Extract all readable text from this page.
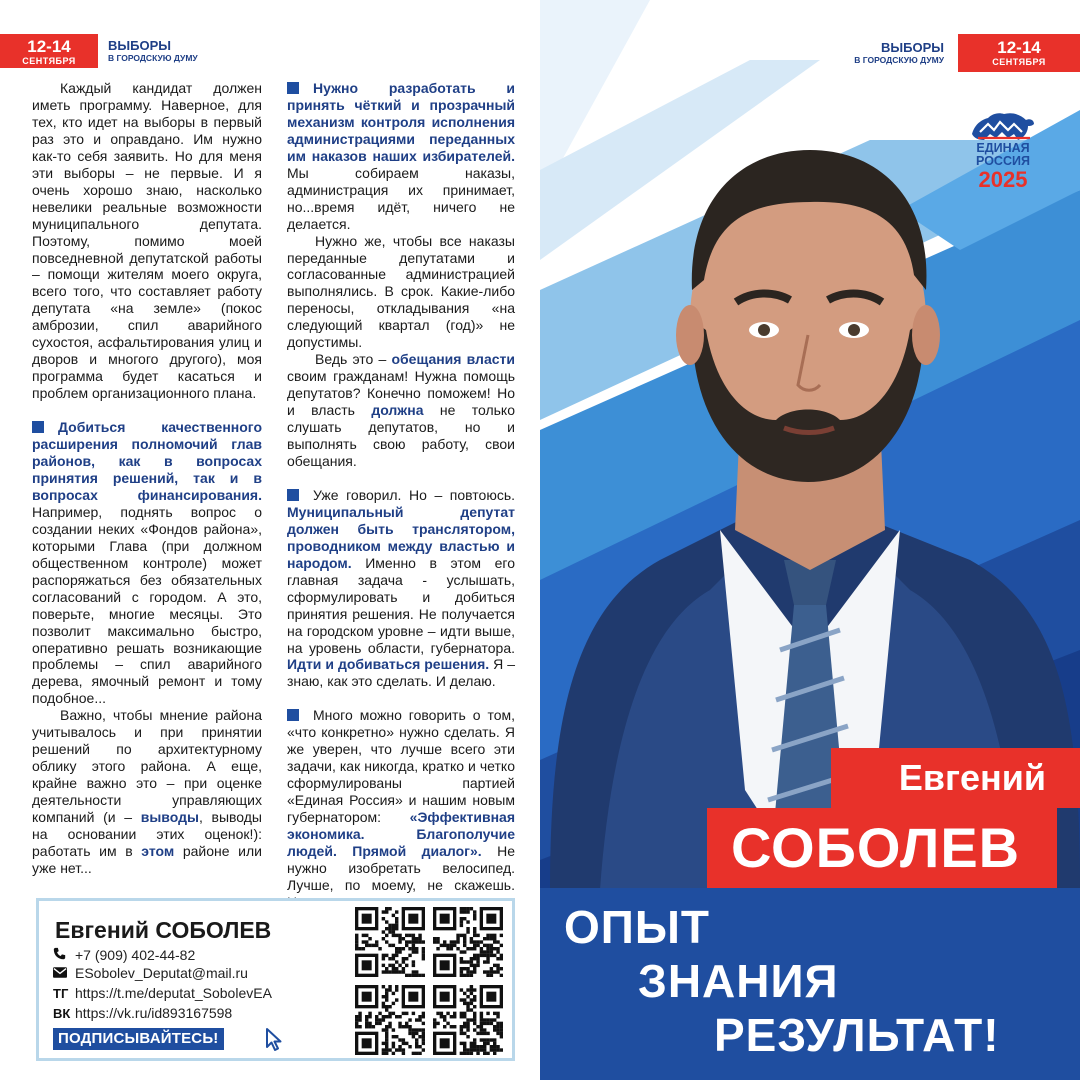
12-14
СЕНТЯБРЯ
ВЫБОРЫ
В ГОРОДСКУЮ ДУМУ

Каждый кандидат должен иметь программу. Наверное, для тех, кто идет на выборы в первый раз это и оправдано. Им нужно как-то себя заявить. Но для меня эти выборы – не первые. И я очень хорошо знаю, насколько невелики реальные возможности муниципального депутата. Поэтому, помимо моей повседневной депутатской работы – помощи жителям моего округа, всего того, что составляет работу депутата «на земле» (покос амброзии, спил аварийного сухостоя, асфальтирования улиц и дворов и многого другого), моя программа будет касаться и проблем организационного плана.

Добиться качественного расширения полномочий глав районов, как в вопросах принятия решений, так и в вопросах финансирования. Например, поднять вопрос о создании неких «Фондов района», которыми Глава (при должном общественном контроле) может распоряжаться без обязательных согласований с городом. А это, поверьте, многие месяцы. Это позволит максимально быстро, оперативно решать возникающие проблемы – спил аварийного дерева, ямочный ремонт и тому подобное...

Важно, чтобы мнение района учитывалось и при принятии решений по архитектурному облику этого района. А еще, крайне важно это – при оценке деятельности управляющих компаний (и – выводы, выводы на основании этих оценок!): работать им в этом районе или уже нет...

Нужно разработать и принять чёткий и прозрачный механизм контроля исполнения администрациями переданных им наказов наших избирателей. Мы собираем наказы, администрация их принимает, но...время идёт, ничего не делается.

Нужно же, чтобы все наказы переданные депутатами и согласованные администрацией выполнялись. В срок. Какие-либо переносы, откладывания «на следующий квартал (год)» не допустимы.

Ведь это – обещания власти своим гражданам! Нужна помощь депутатов? Конечно поможем! Но и власть должна не только слушать депутатов, но и выполнять свою работу, свои обещания.

Уже говорил. Но – повтоюсь. Муниципальный депутат должен быть транслятором, проводником между властью и народом. Именно в этом его главная задача - услышать, сформулировать и добиться принятия решения. Не получается на городском уровне – идти выше, на уровень области, губернатора. Идти и добиваться решения. Я – знаю, как это сделать. И делаю.

Много можно говорить о том, «что конкретно» нужно сделать. Я же уверен, что лучше всего эти задачи, как никогда, кратко и четко сформулированы партией «Единая Россия» и нашим новым губернатором: «Эффективная экономика. Благополучие людей. Прямой диалог». Не нужно изобретать велосипед. Лучше, по моему, не скажешь.

Евгений СОБОЛЕВ
+7 (909) 402-44-82
ESobolev_Deputat@mail.ru
ТГ https://t.me/deputat_SobolevEA
ВК https://vk.ru/id893167598
ПОДПИСЫВАЙТЕСЬ!
ВЫБОРЫ
В ГОРОДСКУЮ ДУМУ
12-14
СЕНТЯБРЯ
ЕДИНАЯ
РОССИЯ
2025
Евгений
СОБОЛЕВ
ОПЫТ
ЗНАНИЯ
РЕЗУЛЬТАТ!
